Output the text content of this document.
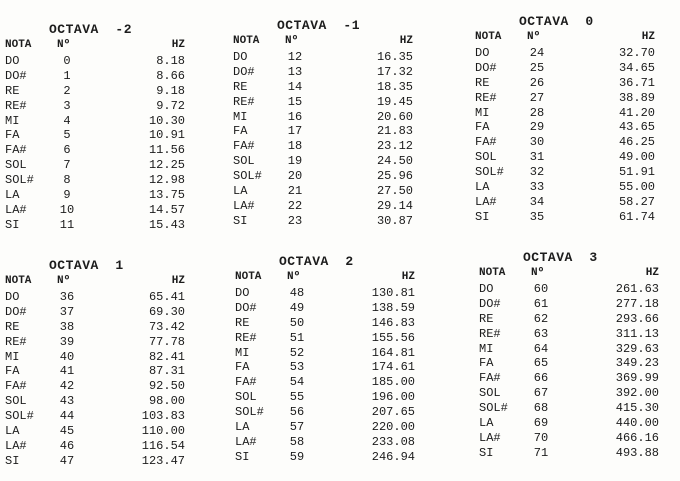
OCTAVA  -2
NOTA Nº	HZ
DO	0	8.18
DO#	1	8.66
RE	2	9.18
RE#	3	9.72
MI	4	10.30
FA	5	10.91
FA#	6	11.56
SOL	7	12.25
SOL#	8	12.98
LA	9	13.75
LA#	10	14.57
SI	11	15.43
OCTAVA  -1
NOTA Nº	HZ
DO	12	16.35
DO#	13	17.32
RE	14	18.35
RE#	15	19.45
MI	16	20.60
FA	17	21.83
FA#	18	23.12
SOL	19	24.50
SOL# 20	25.96
LA	21	27.50
LA#	22	29.14
SI	23	30.87
OCTAVA  0
NOTA Nº	HZ
DO	24	32.70
DO#	25	34.65
RE	26	36.71
RE#	27	38.89
MI	28	41.20
FA	29	43.65
FA#	30	46.25
SOL	31	49.00
SOL# 32	51.91
LA	33	55.00
LA#	34	58.27
SI	35	61.74
OCTAVA  1
NOTA Nº	HZ
DO	36	65.41
DO#	37	69.30
RE	38	73.42
RE#	39	77.78
MI	40	82.41
FA	41	87.31
FA#	42	92.50
SOL	43	98.00
SOL# 44	103.83
LA	45	110.00
LA#	46	116.54
SI	47	123.47
OCTAVA  2
NOTA Nº	HZ
DO	48	130.81
DO#	49	138.59
RE	50	146.83
RE#	51	155.56
MI	52	164.81
FA	53	174.61
FA#	54	185.00
SOL	55	196.00
SOL# 56	207.65
LA	57	220.00
LA#	58	233.08
SI	59	246.94
OCTAVA  3
NOTA Nº	HZ
DO	60	261.63
DO#	61	277.18
RE	62	293.66
RE#	63	311.13
MI	64	329.63
FA	65	349.23
FA#	66	369.99
SOL	67	392.00
SOL# 68	415.30
LA	69	440.00
LA#	70	466.16
SI	71	493.88
